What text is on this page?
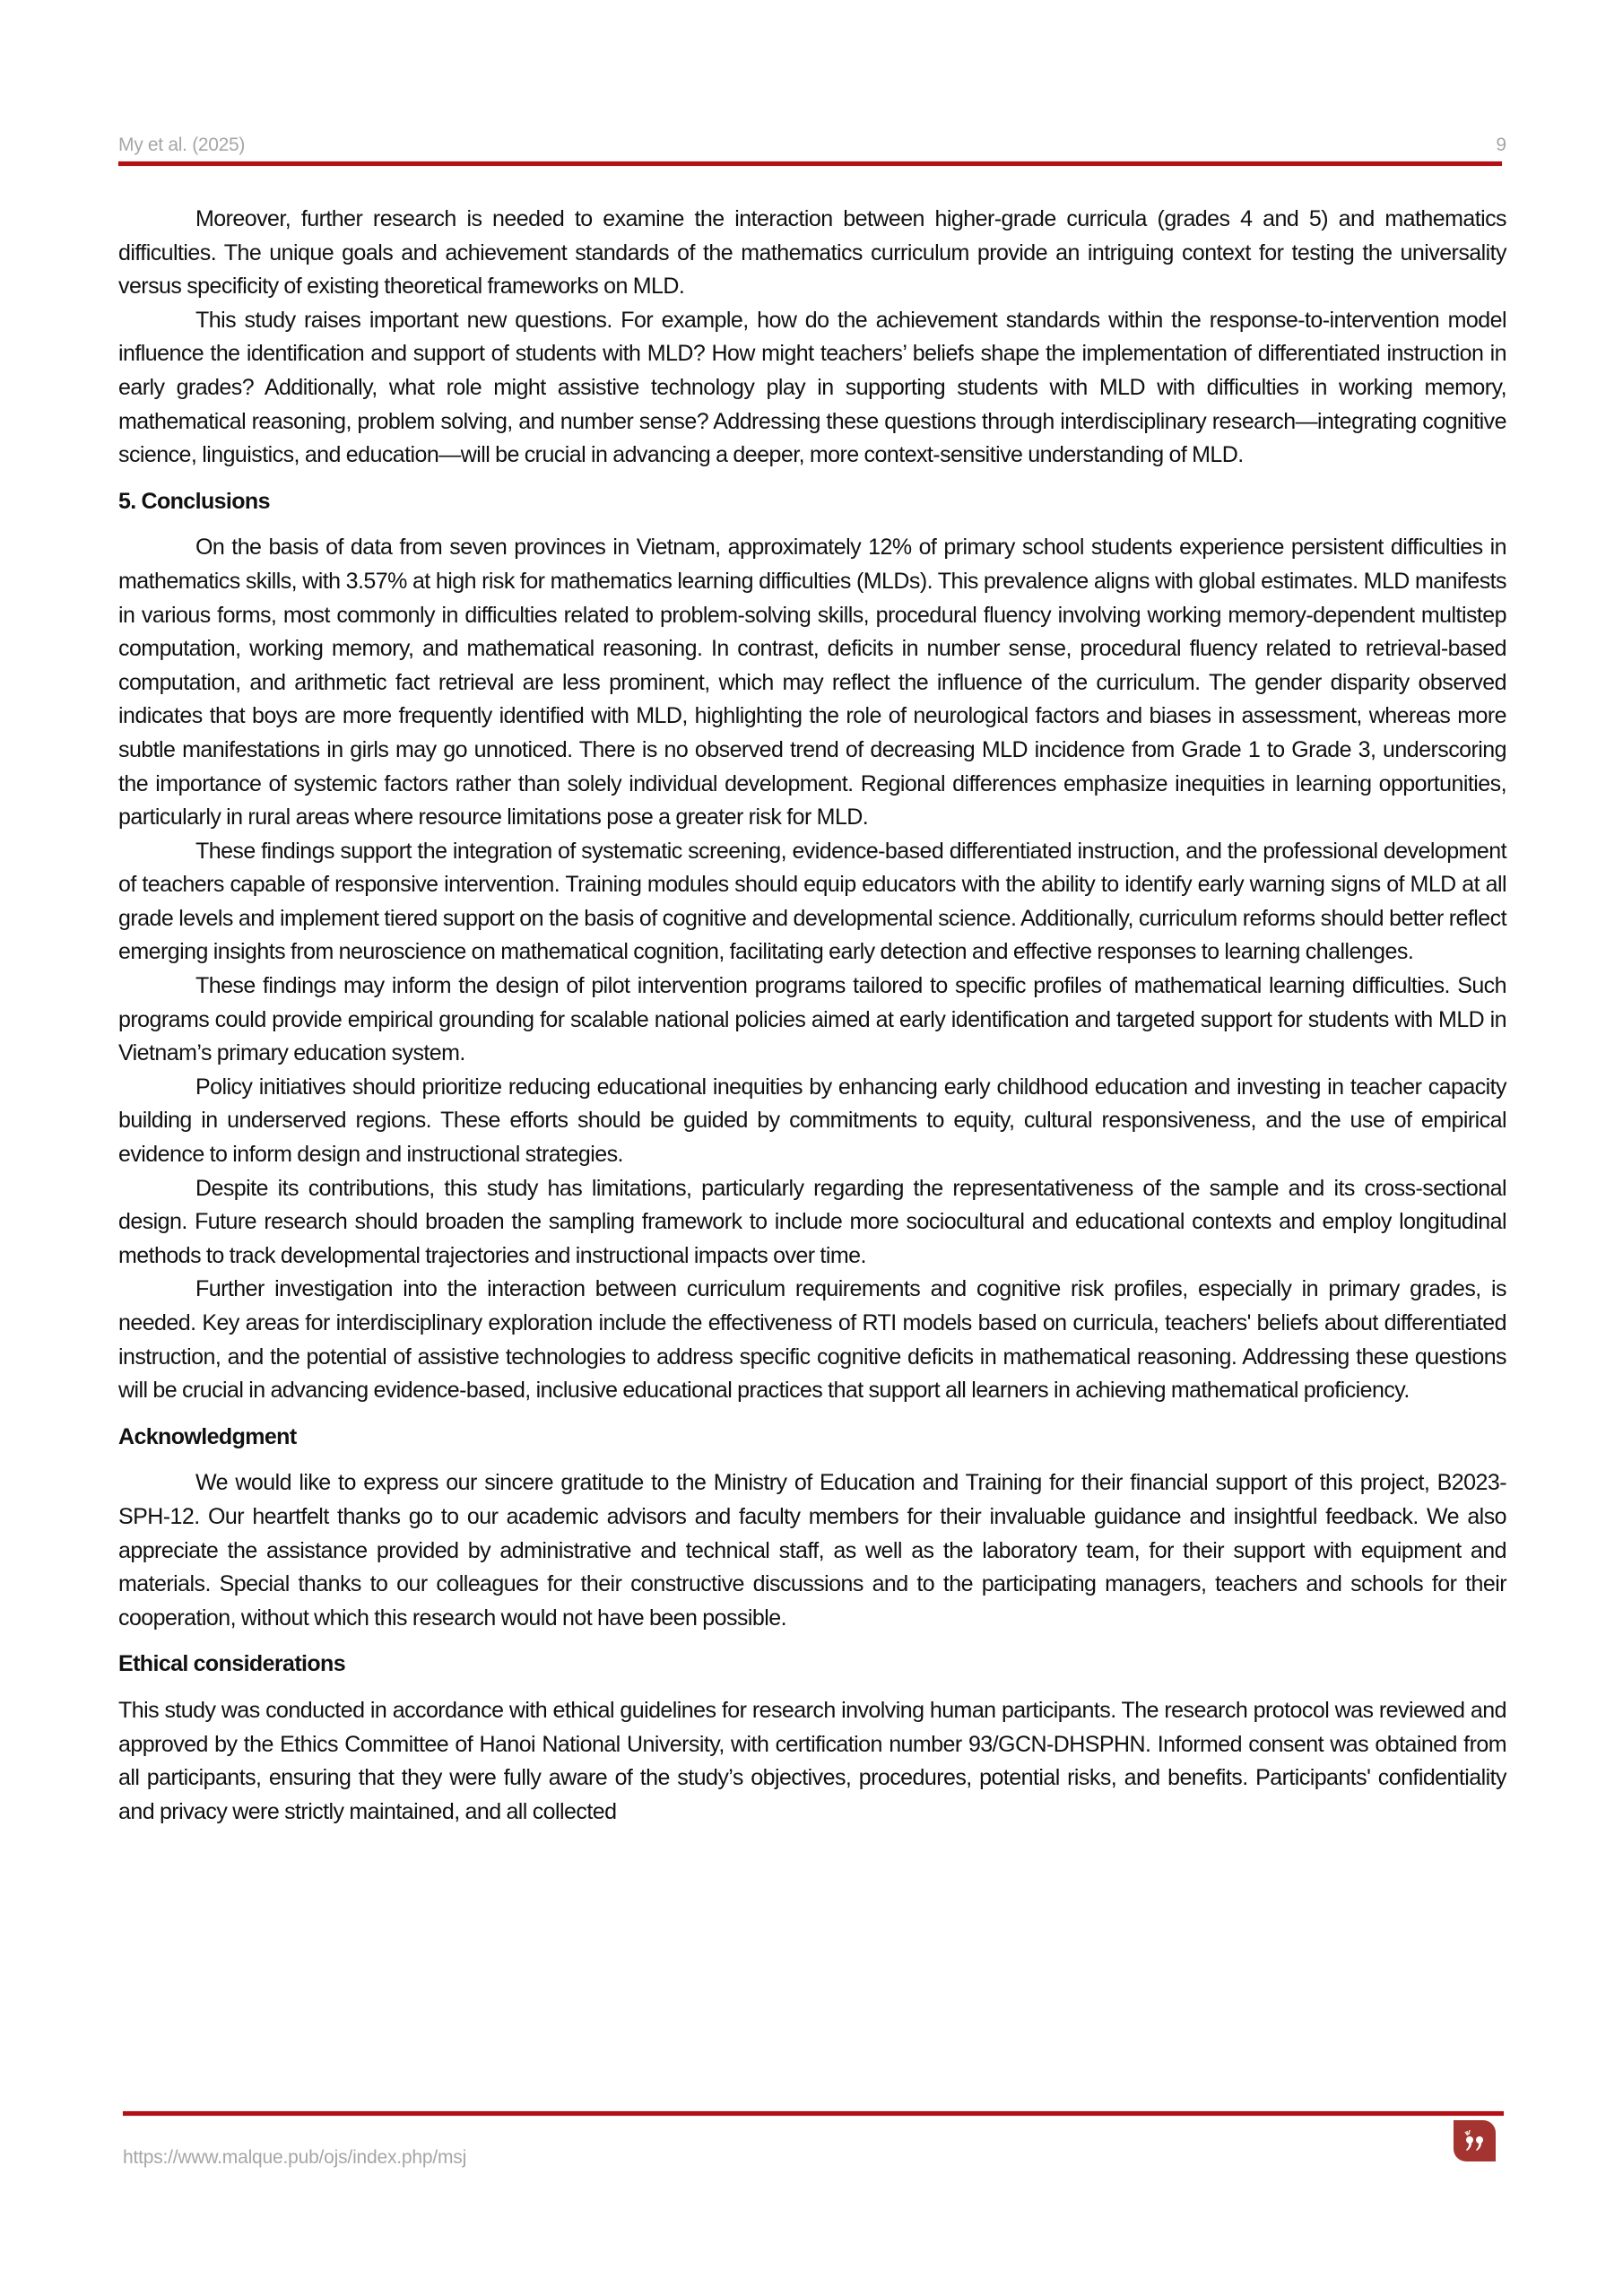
My et al. (2025)	9

Moreover, further research is needed to examine the interaction between higher-grade curricula (grades 4 and 5) and mathematics difficulties. The unique goals and achievement standards of the mathematics curriculum provide an intriguing context for testing the universality versus specificity of existing theoretical frameworks on MLD.

This study raises important new questions. For example, how do the achievement standards within the response-to-intervention model influence the identification and support of students with MLD? How might teachers’ beliefs shape the implementation of differentiated instruction in early grades? Additionally, what role might assistive technology play in supporting students with MLD with difficulties in working memory, mathematical reasoning, problem solving, and number sense? Addressing these questions through interdisciplinary research—integrating cognitive science, linguistics, and education—will be crucial in advancing a deeper, more context-sensitive understanding of MLD.

5. Conclusions

On the basis of data from seven provinces in Vietnam, approximately 12% of primary school students experience persistent difficulties in mathematics skills, with 3.57% at high risk for mathematics learning difficulties (MLDs). This prevalence aligns with global estimates. MLD manifests in various forms, most commonly in difficulties related to problem-solving skills, procedural fluency involving working memory-dependent multistep computation, working memory, and mathematical reasoning. In contrast, deficits in number sense, procedural fluency related to retrieval-based computation, and arithmetic fact retrieval are less prominent, which may reflect the influence of the curriculum. The gender disparity observed indicates that boys are more frequently identified with MLD, highlighting the role of neurological factors and biases in assessment, whereas more subtle manifestations in girls may go unnoticed. There is no observed trend of decreasing MLD incidence from Grade 1 to Grade 3, underscoring the importance of systemic factors rather than solely individual development. Regional differences emphasize inequities in learning opportunities, particularly in rural areas where resource limitations pose a greater risk for MLD.

These findings support the integration of systematic screening, evidence-based differentiated instruction, and the professional development of teachers capable of responsive intervention. Training modules should equip educators with the ability to identify early warning signs of MLD at all grade levels and implement tiered support on the basis of cognitive and developmental science. Additionally, curriculum reforms should better reflect emerging insights from neuroscience on mathematical cognition, facilitating early detection and effective responses to learning challenges.

These findings may inform the design of pilot intervention programs tailored to specific profiles of mathematical learning difficulties. Such programs could provide empirical grounding for scalable national policies aimed at early identification and targeted support for students with MLD in Vietnam’s primary education system.

Policy initiatives should prioritize reducing educational inequities by enhancing early childhood education and investing in teacher capacity building in underserved regions. These efforts should be guided by commitments to equity, cultural responsiveness, and the use of empirical evidence to inform design and instructional strategies.

Despite its contributions, this study has limitations, particularly regarding the representativeness of the sample and its cross-sectional design. Future research should broaden the sampling framework to include more sociocultural and educational contexts and employ longitudinal methods to track developmental trajectories and instructional impacts over time.

Further investigation into the interaction between curriculum requirements and cognitive risk profiles, especially in primary grades, is needed. Key areas for interdisciplinary exploration include the effectiveness of RTI models based on curricula, teachers' beliefs about differentiated instruction, and the potential of assistive technologies to address specific cognitive deficits in mathematical reasoning. Addressing these questions will be crucial in advancing evidence-based, inclusive educational practices that support all learners in achieving mathematical proficiency.

Acknowledgment

We would like to express our sincere gratitude to the Ministry of Education and Training for their financial support of this project, B2023-SPH-12. Our heartfelt thanks go to our academic advisors and faculty members for their invaluable guidance and insightful feedback. We also appreciate the assistance provided by administrative and technical staff, as well as the laboratory team, for their support with equipment and materials. Special thanks to our colleagues for their constructive discussions and to the participating managers, teachers and schools for their cooperation, without which this research would not have been possible.

Ethical considerations

This study was conducted in accordance with ethical guidelines for research involving human participants. The research protocol was reviewed and approved by the Ethics Committee of Hanoi National University, with certification number 93/GCN-DHSPHN. Informed consent was obtained from all participants, ensuring that they were fully aware of the study’s objectives, procedures, potential risks, and benefits. Participants' confidentiality and privacy were strictly maintained, and all collected

https://www.malque.pub/ojs/index.php/msj
